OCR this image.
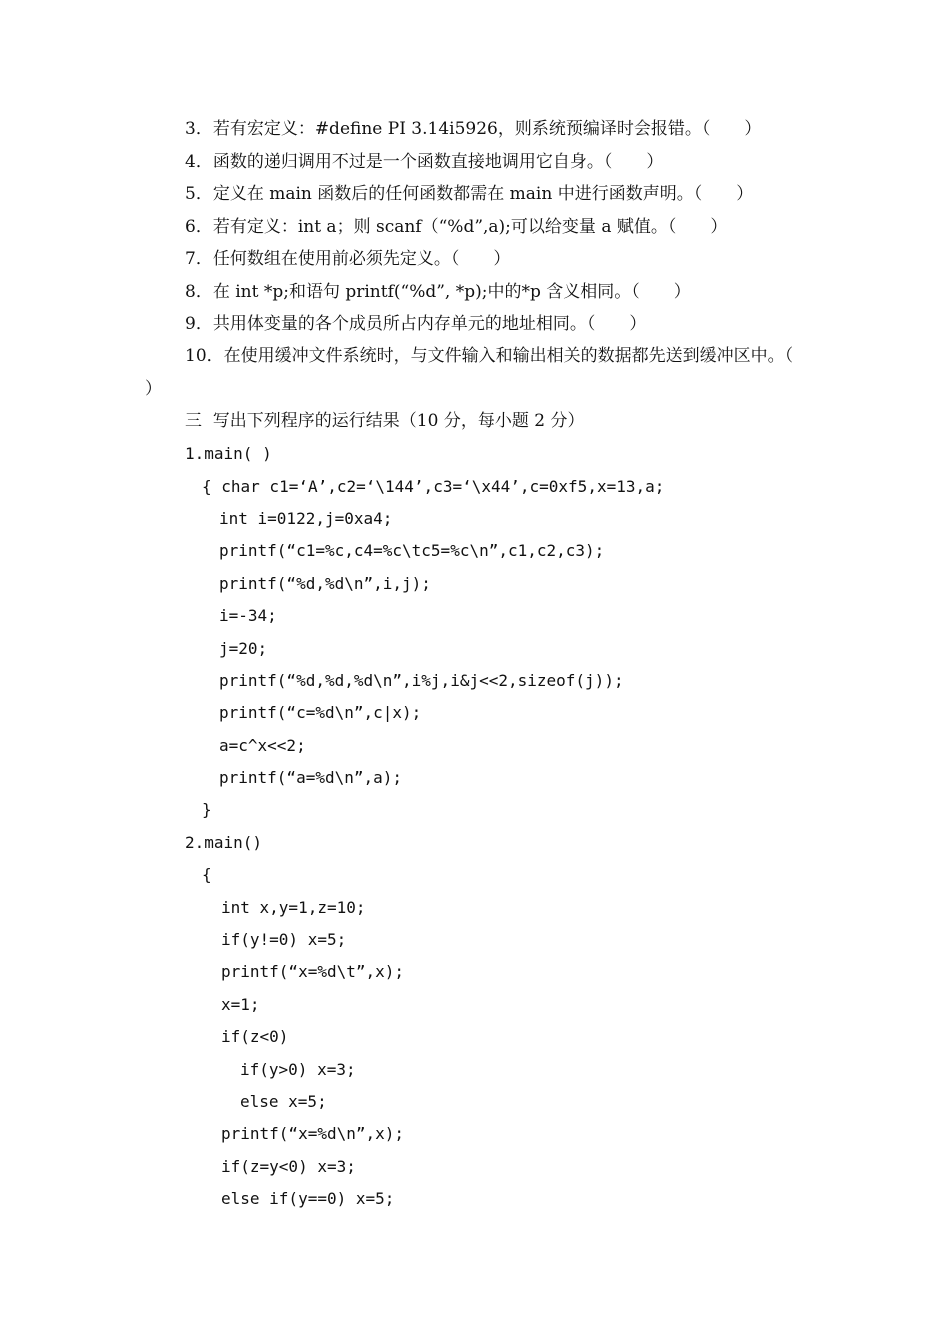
3．若有宏定义：#define PI 3.14i5926，则系统预编译时会报错。（　　）
4．函数的递归调用不过是一个函数直接地调用它自身。（　　）
5．定义在 main 函数后的任何函数都需在 main 中进行函数声明。（　　）
6．若有定义：int a；则 scanf（“%d”,a);可以给变量 a 赋值。（　　）
7．任何数组在使用前必须先定义。（　　）
8．在 int *p;和语句 printf(“%d”, *p);中的*p 含义相同。（　　）
9．共用体变量的各个成员所占内存单元的地址相同。（　　）
10．在使用缓冲文件系统时，与文件输入和输出相关的数据都先送到缓冲区中。（　　）
三  写出下列程序的运行结果（10 分，每小题 2 分）
1.main( )
{ char c1=‘A’,c2=‘\144’,c3=‘\x44’,c=0xf5,x=13,a;
int i=0122,j=0xa4;
printf(“c1=%c,c4=%c\tc5=%c\n”,c1,c2,c3);
printf(“%d,%d\n”,i,j);
i=-34;
j=20;
printf(“%d,%d,%d\n”,i%j,i&j<<2,sizeof(j));
printf(“c=%d\n”,c|x);
a=c^x<<2;
printf(“a=%d\n”,a);
}
2.main()
{
int x,y=1,z=10;
if(y!=0) x=5;
printf(“x=%d\t”,x);
x=1;
if(z<0)
if(y>0) x=3;
else x=5;
printf(“x=%d\n”,x);
if(z=y<0) x=3;
else if(y==0) x=5;
